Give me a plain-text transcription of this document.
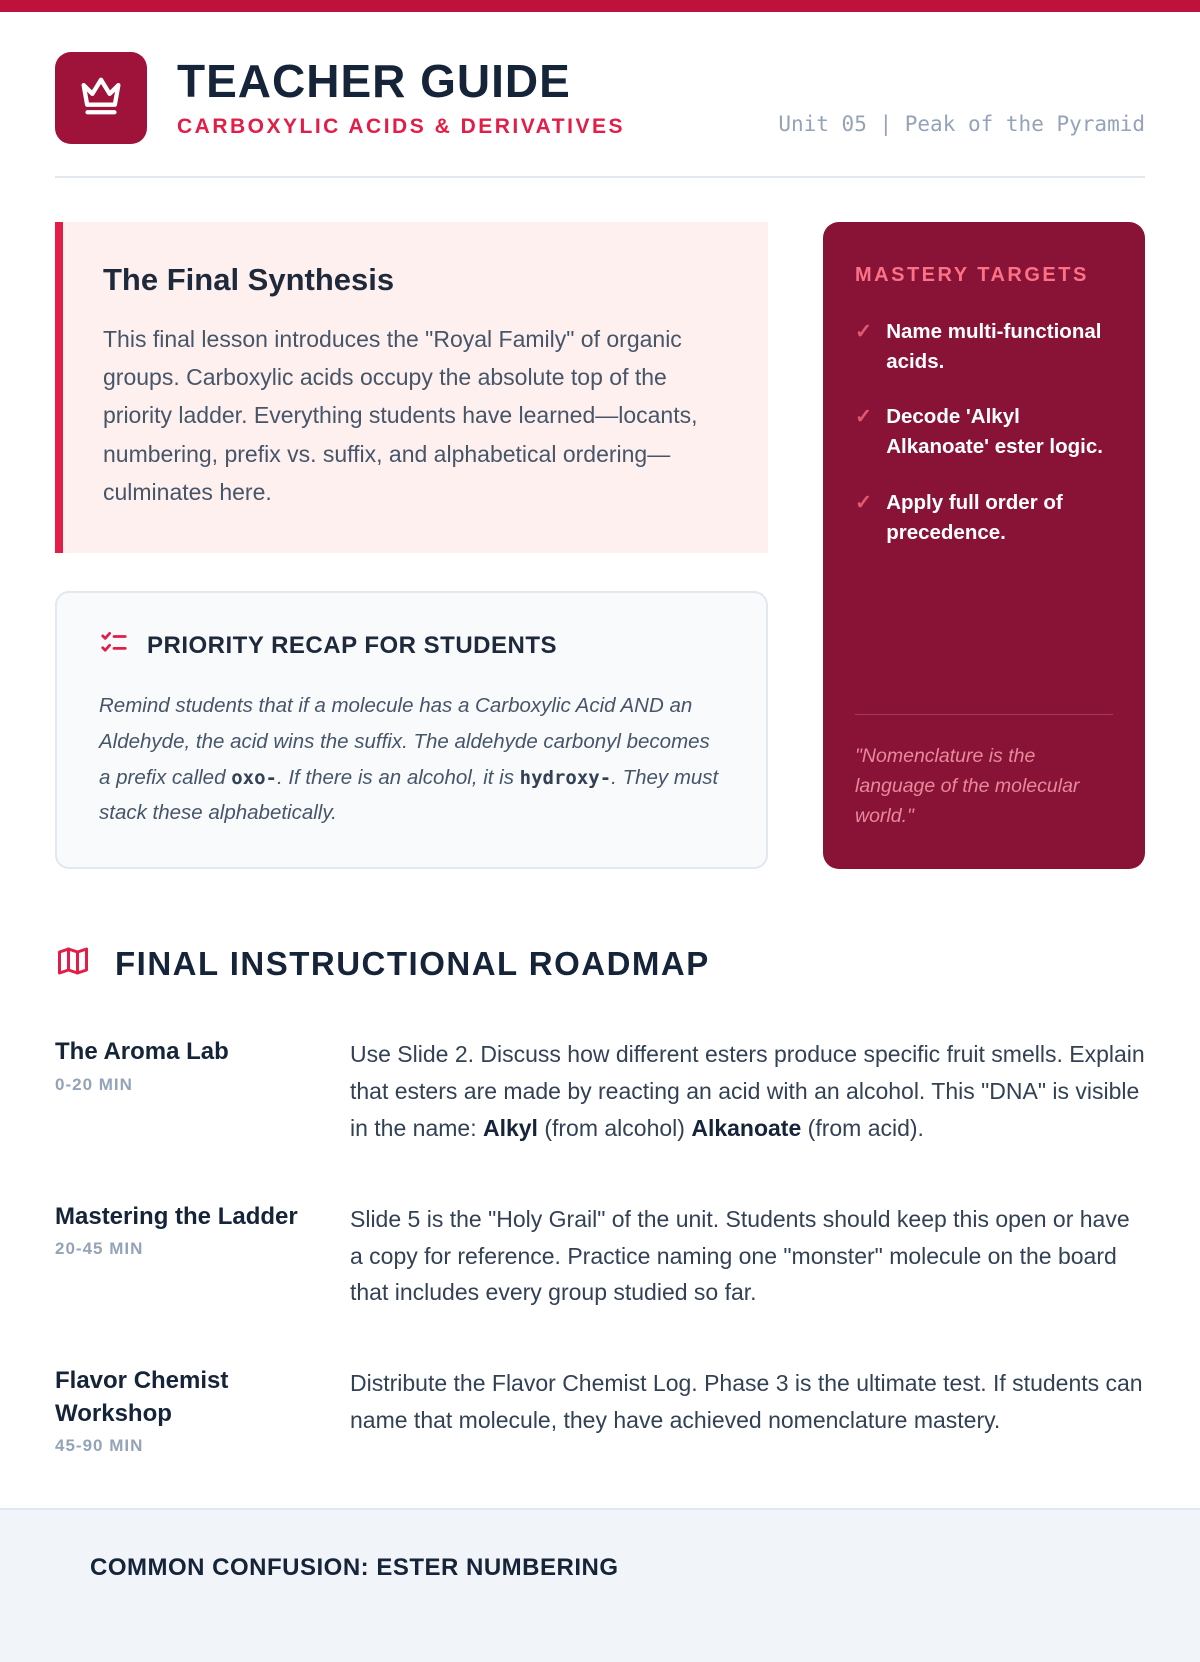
TEACHER GUIDE
CARBOXYLIC ACIDS & DERIVATIVES	Unit 05 | Peak of the Pyramid
The Final Synthesis
This final lesson introduces the "Royal Family" of organic groups. Carboxylic acids occupy the absolute top of the priority ladder. Everything students have learned—locants, numbering, prefix vs. suffix, and alphabetical ordering—culminates here.
PRIORITY RECAP FOR STUDENTS
Remind students that if a molecule has a Carboxylic Acid AND an Aldehyde, the acid wins the suffix. The aldehyde carbonyl becomes a prefix called oxo-. If there is an alcohol, it is hydroxy-. They must stack these alphabetically.
MASTERY TARGETS
✓ Name multi-functional acids.
✓ Decode 'Alkyl Alkanoate' ester logic.
✓ Apply full order of precedence.
"Nomenclature is the language of the molecular world."
FINAL INSTRUCTIONAL ROADMAP
The Aroma Lab
0-20 MIN
Use Slide 2. Discuss how different esters produce specific fruit smells. Explain that esters are made by reacting an acid with an alcohol. This "DNA" is visible in the name: Alkyl (from alcohol) Alkanoate (from acid).
Mastering the Ladder
20-45 MIN
Slide 5 is the "Holy Grail" of the unit. Students should keep this open or have a copy for reference. Practice naming one "monster" molecule on the board that includes every group studied so far.
Flavor Chemist Workshop
45-90 MIN
Distribute the Flavor Chemist Log. Phase 3 is the ultimate test. If students can name that molecule, they have achieved nomenclature mastery.
COMMON CONFUSION: ESTER NUMBERING
